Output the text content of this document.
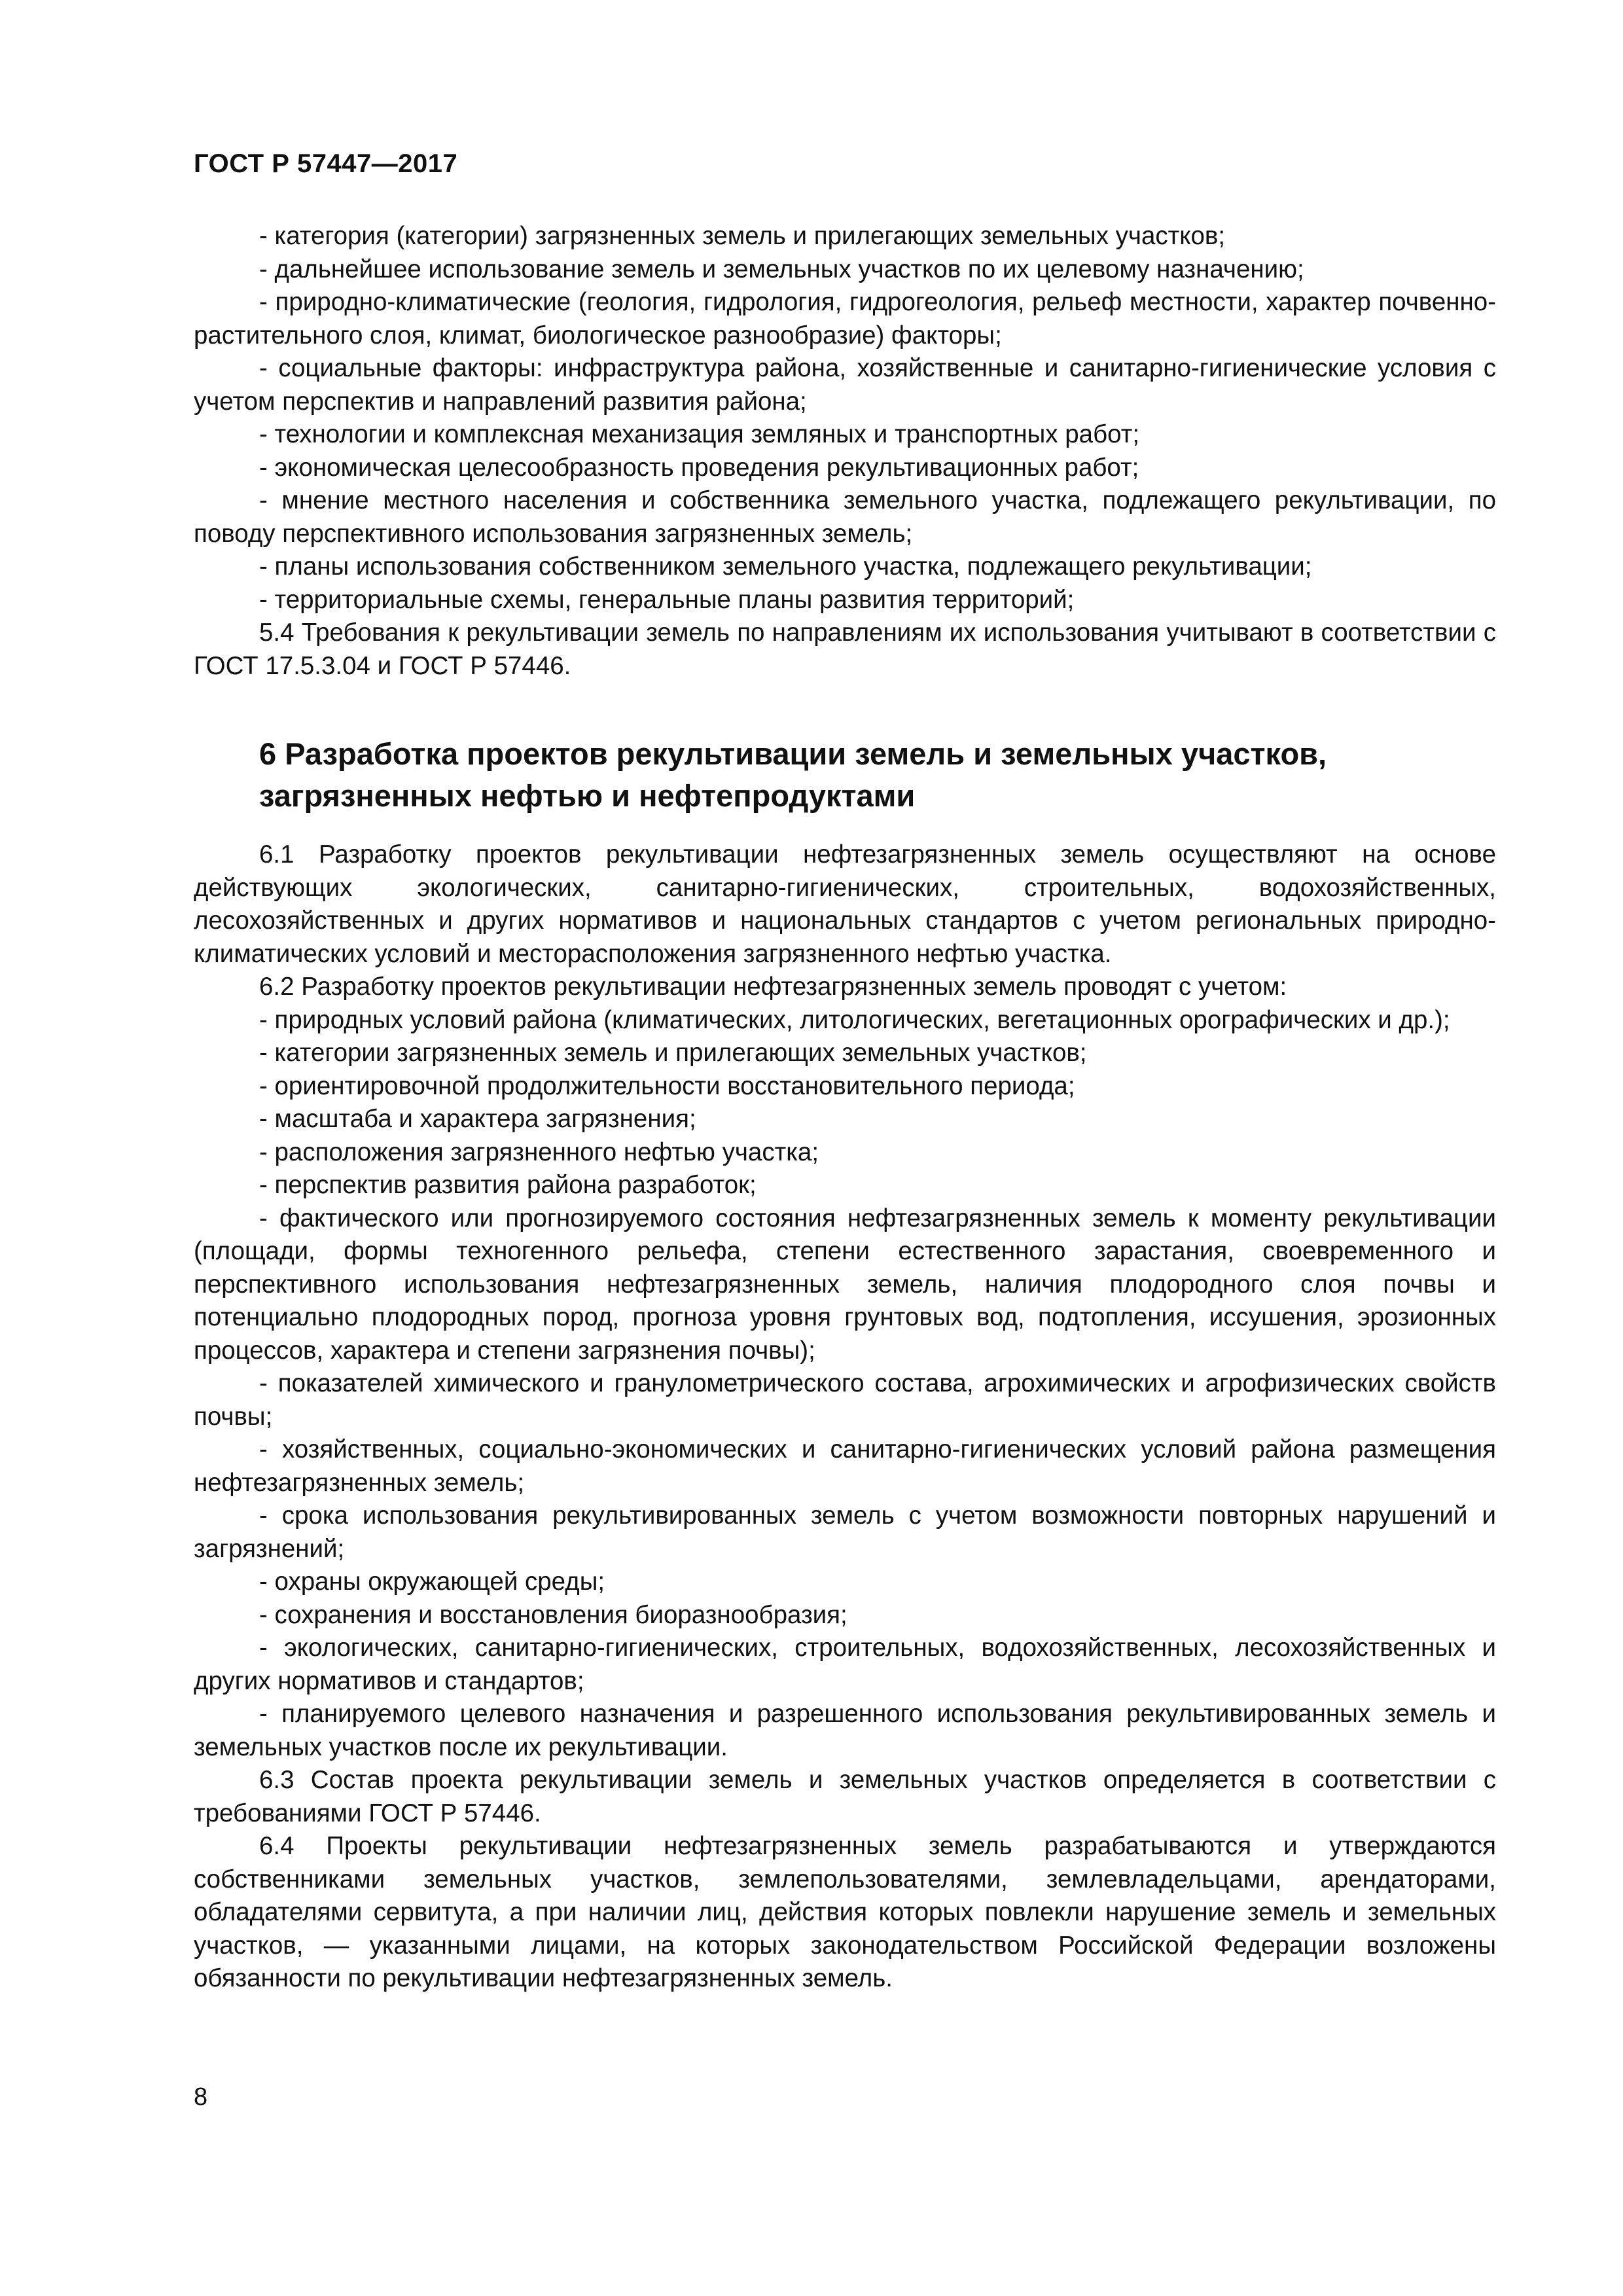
ГОСТ Р 57447—2017

- категория (категории) загрязненных земель и прилегающих земельных участков;

- дальнейшее использование земель и земельных участков по их целевому назначению;

- природно-климатические (геология, гидрология, гидрогеология, рельеф местности, характер почвенно-растительного слоя, климат, биологическое разнообразие) факторы;

- социальные факторы: инфраструктура района, хозяйственные и санитарно-гигиенические условия с учетом перспектив и направлений развития района;

- технологии и комплексная механизация земляных и транспортных работ;

- экономическая целесообразность проведения рекультивационных работ;

- мнение местного населения и собственника земельного участка, подлежащего рекультивации, по поводу перспективного использования загрязненных земель;

- планы использования собственником земельного участка, подлежащего рекультивации;

- территориальные схемы, генеральные планы развития территорий;

5.4 Требования к рекультивации земель по направлениям их использования учитывают в соответствии с ГОСТ 17.5.3.04 и ГОСТ Р 57446.

6 Разработка проектов рекультивации земель и земельных участков,
загрязненных нефтью и нефтепродуктами

6.1 Разработку проектов рекультивации нефтезагрязненных земель осуществляют на основе действующих экологических, санитарно-гигиенических, строительных, водохозяйственных, лесохозяйственных и других нормативов и национальных стандартов с учетом региональных природно-климатических условий и месторасположения загрязненного нефтью участка.

6.2 Разработку проектов рекультивации нефтезагрязненных земель проводят с учетом:

- природных условий района (климатических, литологических, вегетационных орографических и др.);

- категории загрязненных земель и прилегающих земельных участков;

- ориентировочной продолжительности восстановительного периода;

- масштаба и характера загрязнения;

- расположения загрязненного нефтью участка;

- перспектив развития района разработок;

- фактического или прогнозируемого состояния нефтезагрязненных земель к моменту рекультивации (площади, формы техногенного рельефа, степени естественного зарастания, своевременного и перспективного использования нефтезагрязненных земель, наличия плодородного слоя почвы и потенциально плодородных пород, прогноза уровня грунтовых вод, подтопления, иссушения, эрозионных процессов, характера и степени загрязнения почвы);

- показателей химического и гранулометрического состава, агрохимических и агрофизических свойств почвы;

- хозяйственных, социально-экономических и санитарно-гигиенических условий района размещения нефтезагрязненных земель;

- срока использования рекультивированных земель с учетом возможности повторных нарушений и загрязнений;

- охраны окружающей среды;

- сохранения и восстановления биоразнообразия;

- экологических, санитарно-гигиенических, строительных, водохозяйственных, лесохозяйственных и других нормативов и стандартов;

- планируемого целевого назначения и разрешенного использования рекультивированных земель и земельных участков после их рекультивации.

6.3 Состав проекта рекультивации земель и земельных участков определяется в соответствии с требованиями ГОСТ Р 57446.

6.4 Проекты рекультивации нефтезагрязненных земель разрабатываются и утверждаются собственниками земельных участков, землепользователями, землевладельцами, арендаторами, обладателями сервитута, а при наличии лиц, действия которых повлекли нарушение земель и земельных участков, — указанными лицами, на которых законодательством Российской Федерации возложены обязанности по рекультивации нефтезагрязненных земель.

8
